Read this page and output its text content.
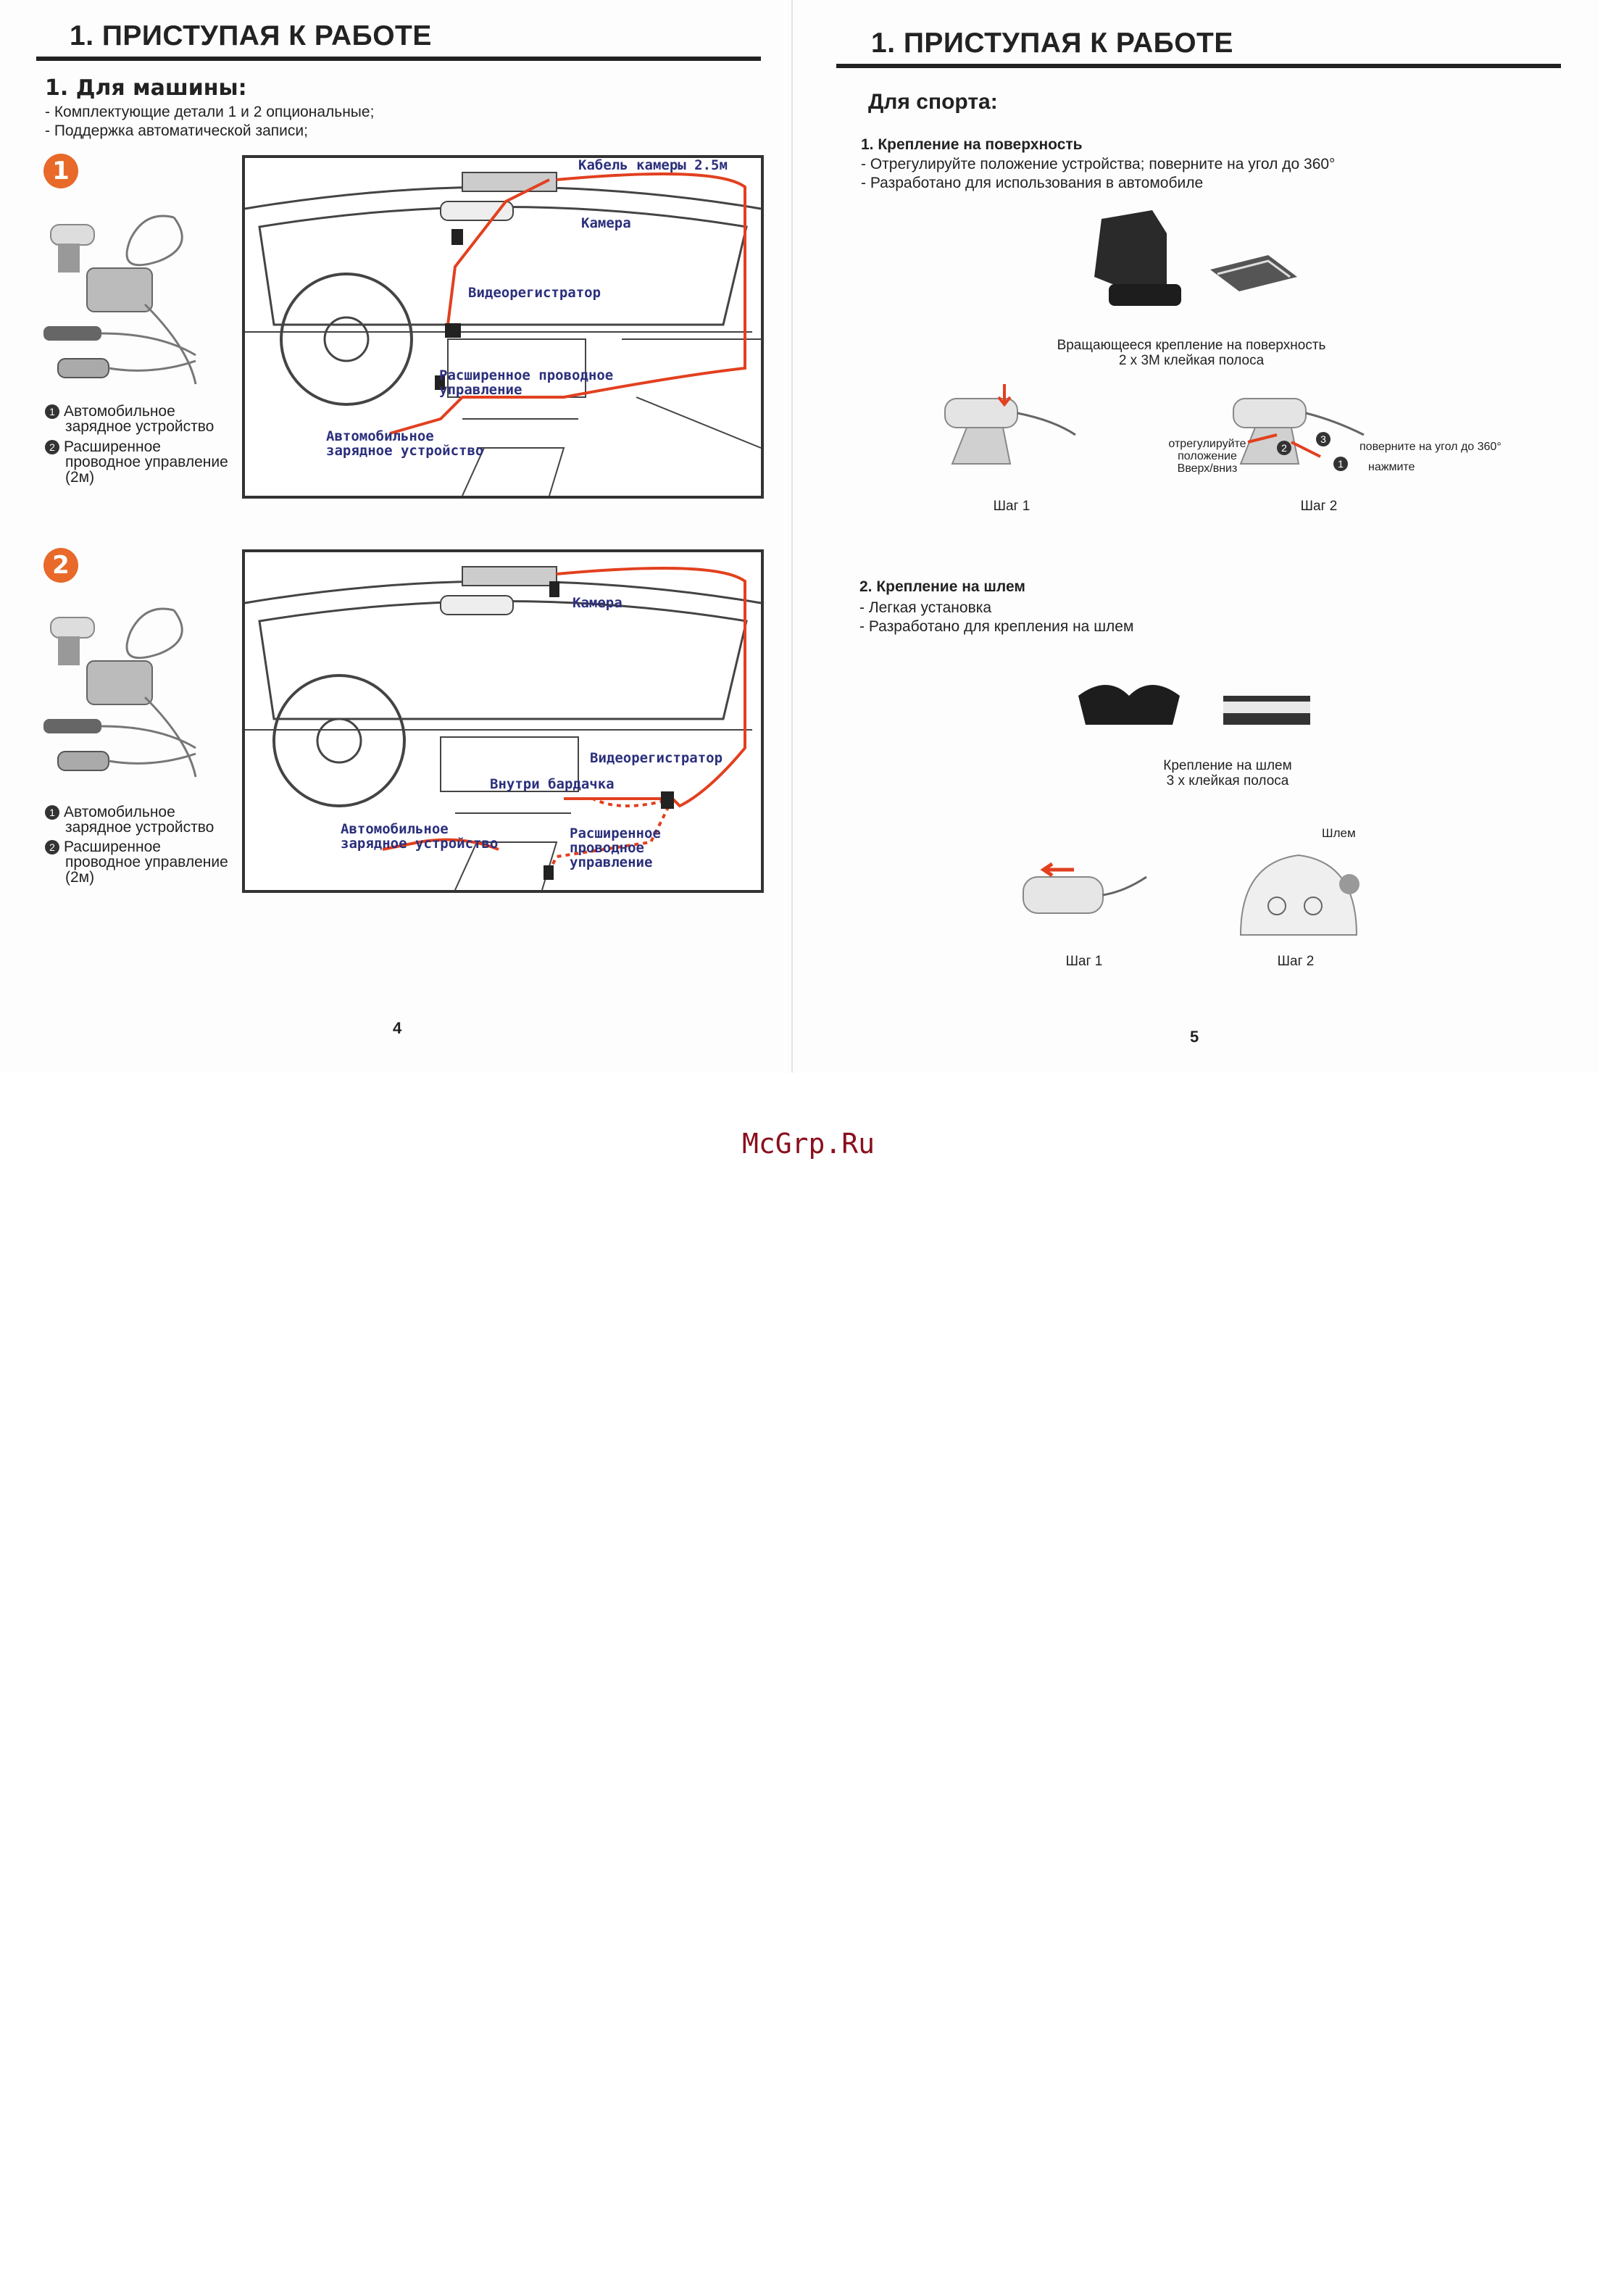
1. ПРИСТУПАЯ К РАБОТЕ
1. Для машины:
- Комплектующие детали 1 и 2 опциональные;
- Поддержка автоматической записи;
1
1 Автомобильное
зарядное устройство
2 Расширенное
проводное управление
(2м)
Кабель камеры 2.5м
Камера
Видеорегистратор
Расширенное проводное
управление
Автомобильное
зарядное устройство
2
1 Автомобильное
зарядное устройство
2 Расширенное
проводное управление
(2м)
Камера
Видеорегистратор
Внутри бардачка
Автомобильное
зарядное устройство
Расширенное
проводное
управление
4
1. ПРИСТУПАЯ К РАБОТЕ
Для спорта:
1. Крепление на поверхность
- Отрегулируйте положение устройства; повернитe на угол до 360°
- Разработано для использования в автомобиле
Вращающееся крепление на поверхность
2 х 3М клейкая полоса
Шаг 1
2
3
1
отрегулируйте
положение
Вверх/вниз
поверните на угол до 360°
нажмите
Шаг 2
2. Крепление на шлем
- Легкая установка
- Разработано для крепления на шлем
Крепление на шлем
3 х клейкая полоса
Шаг 1
Шлем
Шаг 2
5
McGrp.Ru
